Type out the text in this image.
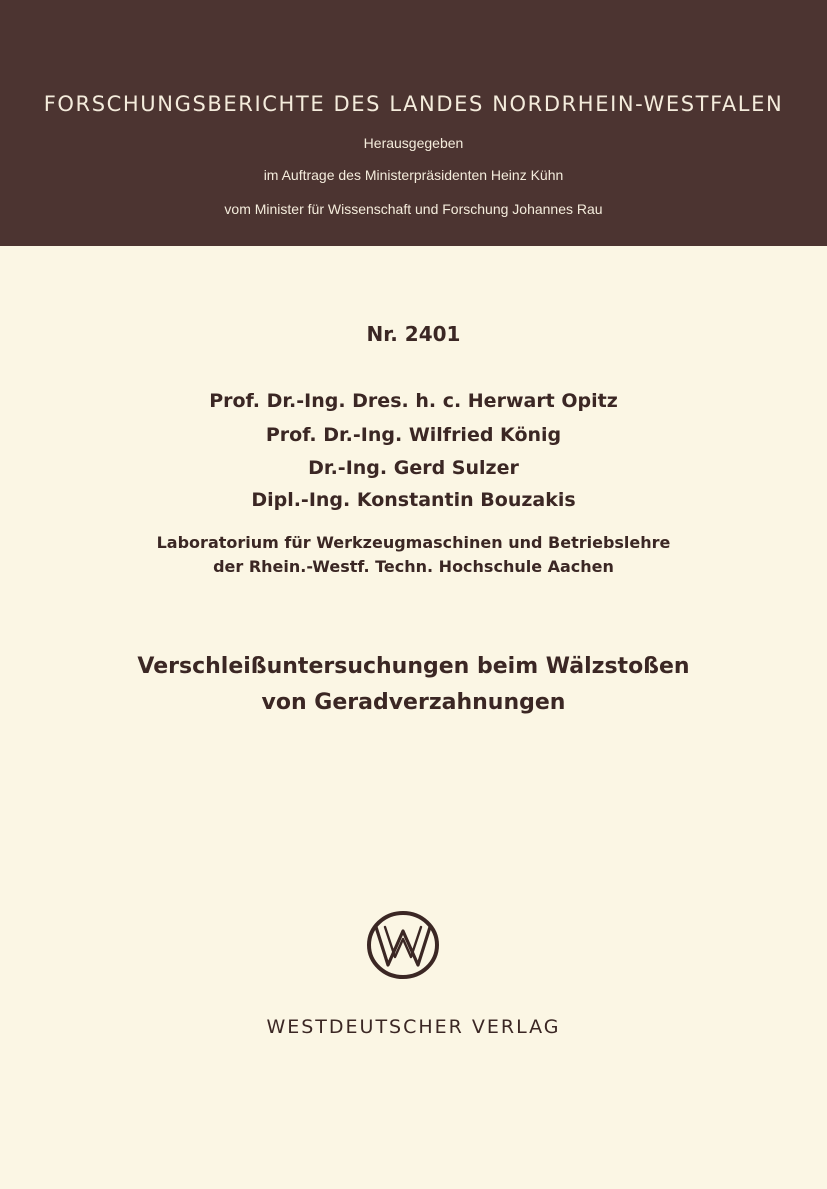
FORSCHUNGSBERICHTE DES LANDES NORDRHEIN-WESTFALEN
Herausgegeben
im Auftrage des Ministerpräsidenten Heinz Kühn
vom Minister für Wissenschaft und Forschung Johannes Rau
Nr. 2401
Prof. Dr.-Ing. Dres. h. c. Herwart Opitz
Prof. Dr.-Ing. Wilfried König
Dr.-Ing. Gerd Sulzer
Dipl.-Ing. Konstantin Bouzakis
Laboratorium für Werkzeugmaschinen und Betriebslehre
der Rhein.-Westf. Techn. Hochschule Aachen
Verschleißuntersuchungen beim Wälzstoßen
von Geradverzahnungen
WESTDEUTSCHER VERLAG
